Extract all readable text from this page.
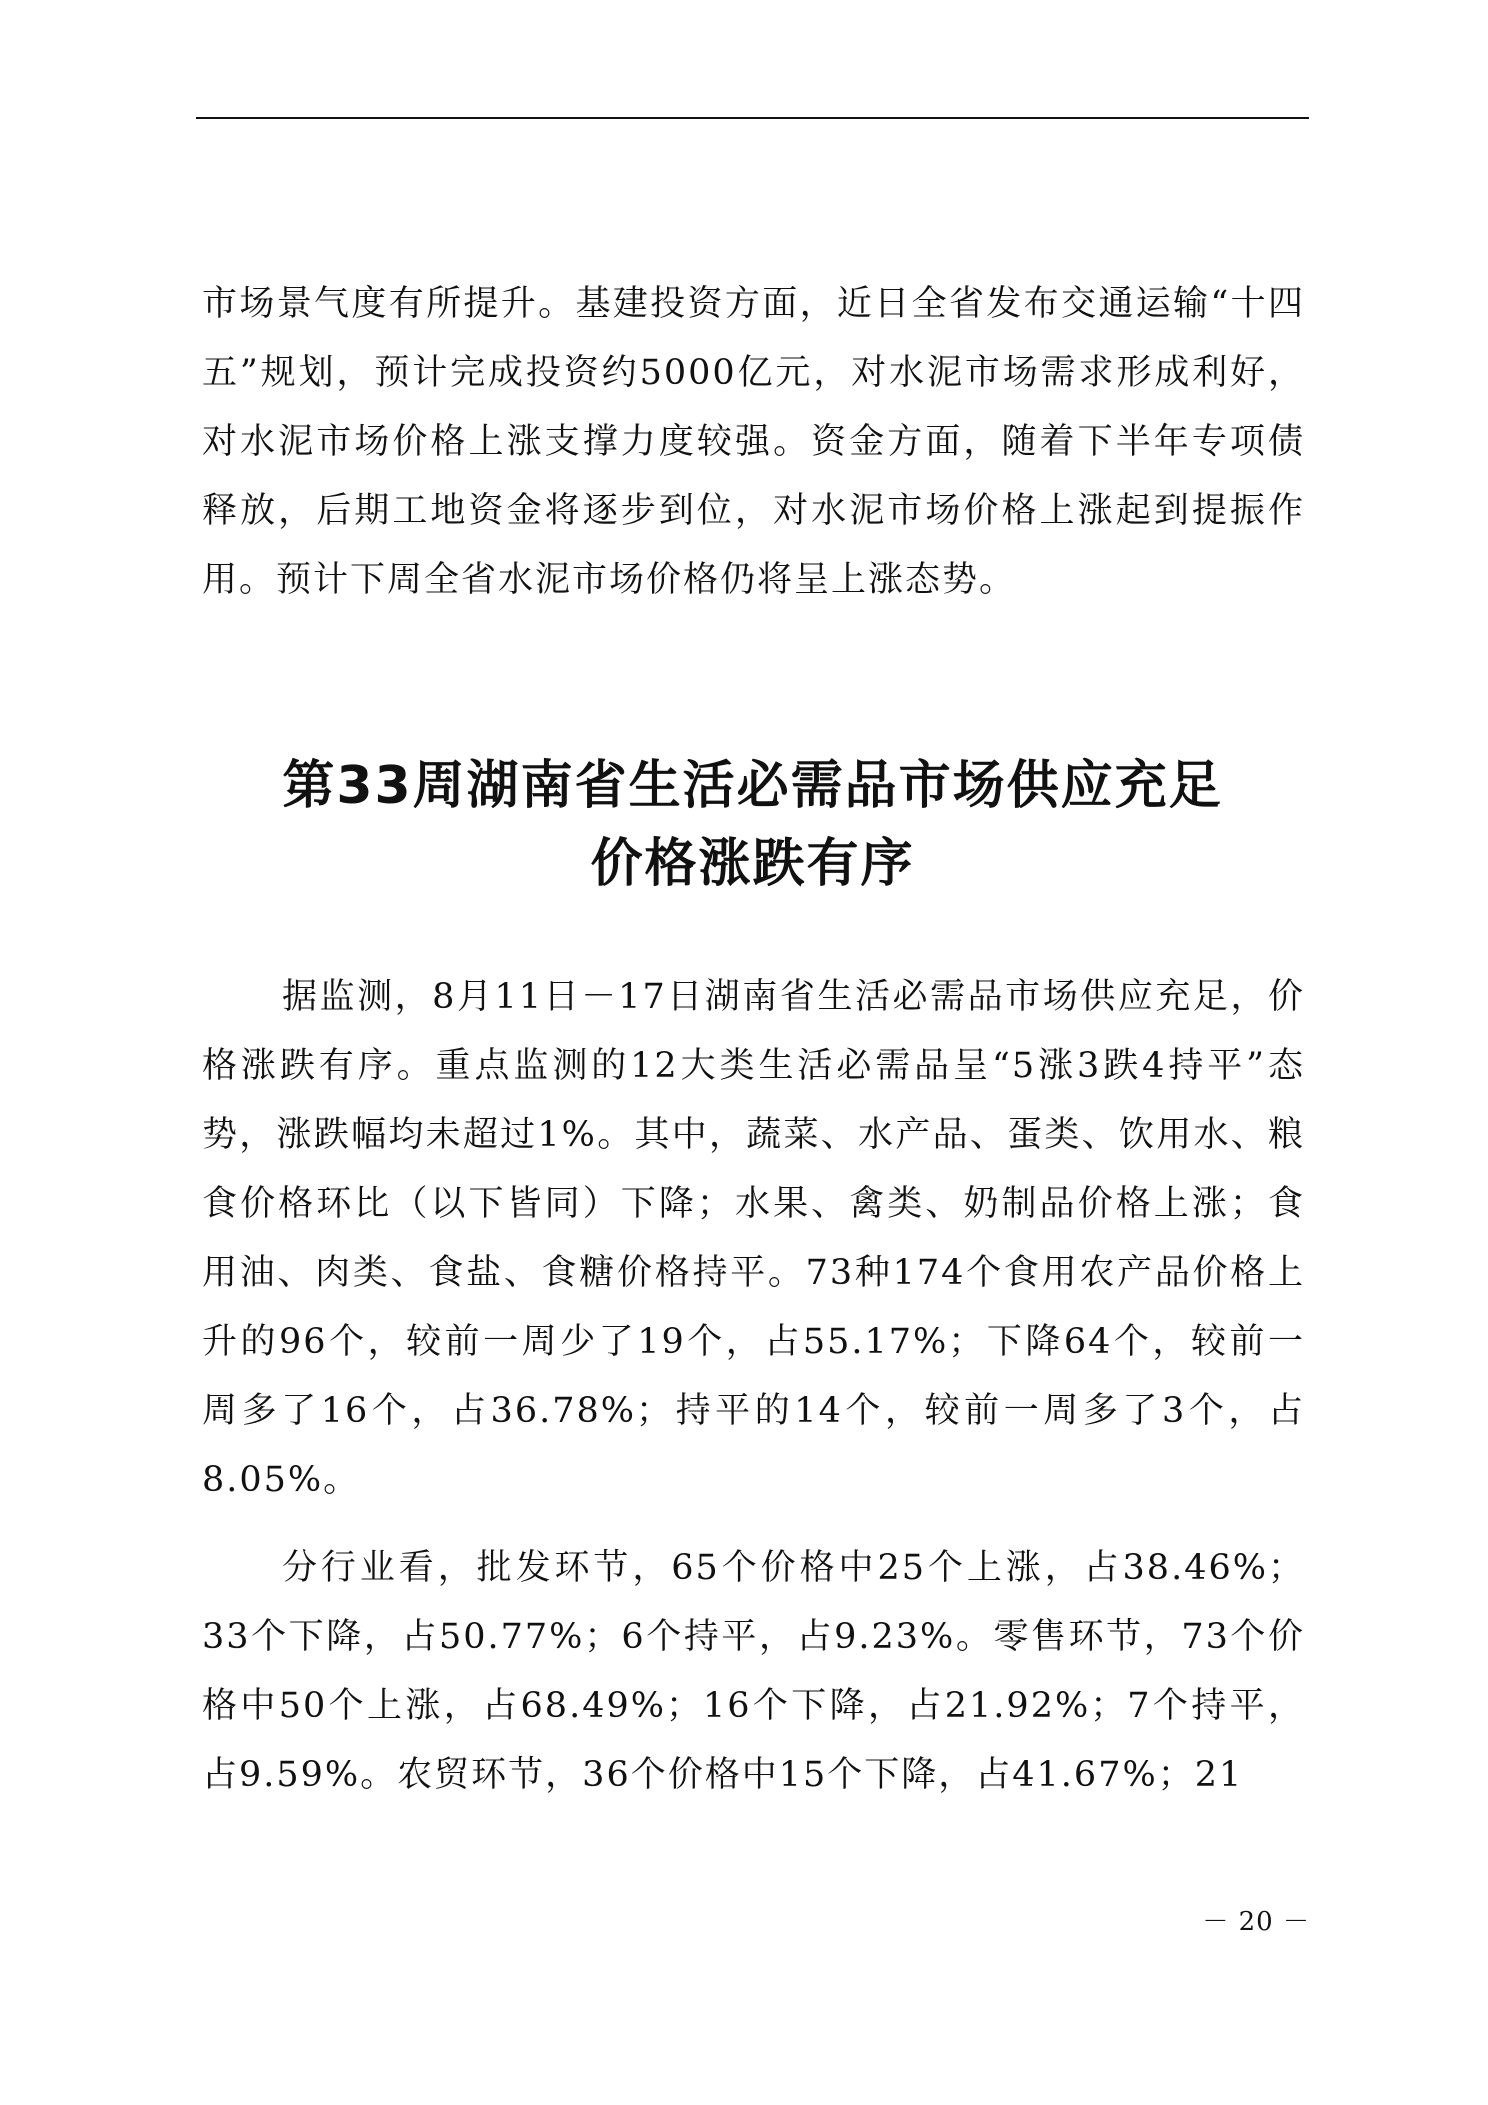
市场景气度有所提升。基建投资方面，近日全省发布交通运输“十四五”规划，预计完成投资约5000亿元，对水泥市场需求形成利好，对水泥市场价格上涨支撑力度较强。资金方面，随着下半年专项债释放，后期工地资金将逐步到位，对水泥市场价格上涨起到提振作用。预计下周全省水泥市场价格仍将呈上涨态势。

第33周湖南省生活必需品市场供应充足
价格涨跌有序

据监测，8月11日－17日湖南省生活必需品市场供应充足，价格涨跌有序。重点监测的12大类生活必需品呈“5涨3跌4持平”态势，涨跌幅均未超过1%。其中，蔬菜、水产品、蛋类、饮用水、粮食价格环比（以下皆同）下降；水果、禽类、奶制品价格上涨；食用油、肉类、食盐、食糖价格持平。73种174个食用农产品价格上升的96个，较前一周少了19个，占55.17%；下降64个，较前一周多了16个，占36.78%；持平的14个，较前一周多了3个，占8.05%。

分行业看，批发环节，65个价格中25个上涨，占38.46%；33个下降，占50.77%；6个持平，占9.23%。零售环节，73个价格中50个上涨，占68.49%；16个下降，占21.92%；7个持平，占9.59%。农贸环节，36个价格中15个下降，占41.67%；21

－ 20 －
